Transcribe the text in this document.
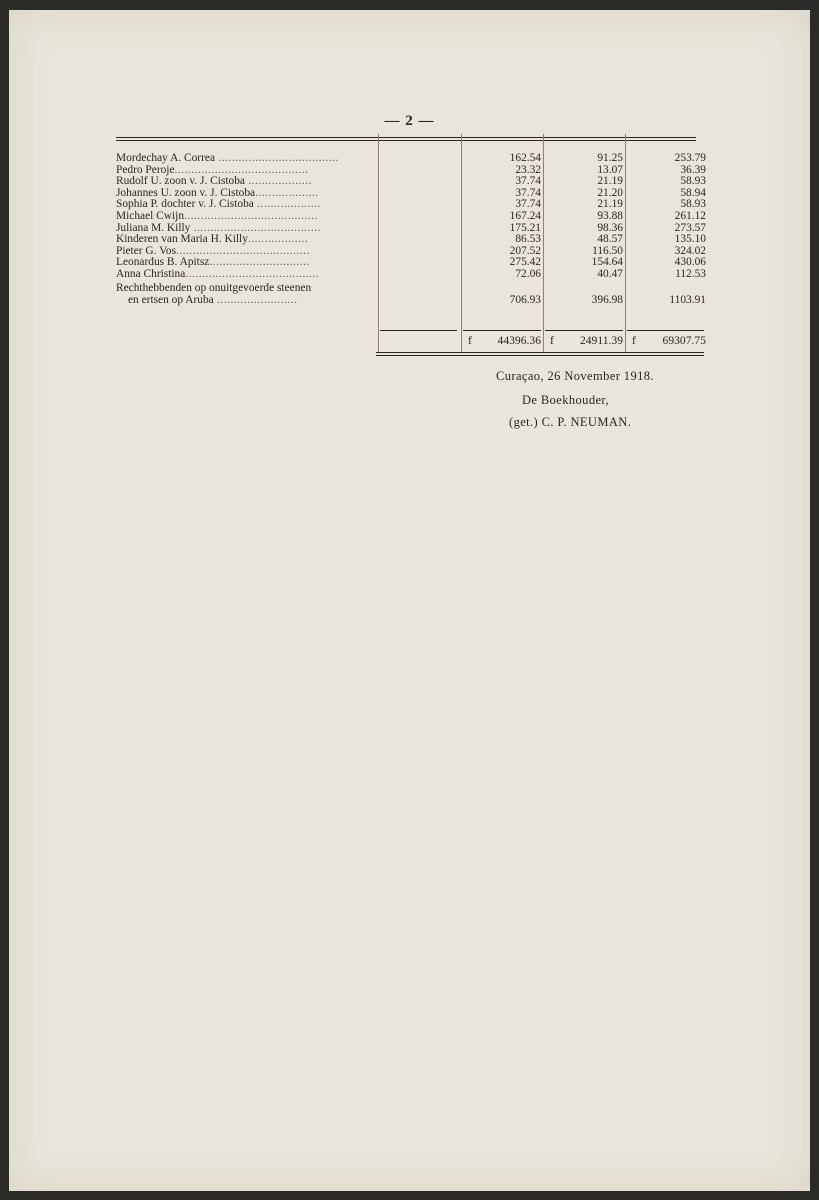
— 2 —
Mordechay A. Correa ....................................	162.54	91.25	253.79
Pedro Peroje........................................	23.32	13.07	36.39
Rudolf U. zoon v. J. Cistoba ...................	37.74	21.19	58.93
Johannes U. zoon v. J. Cistoba...................	37.74	21.20	58.94
Sophia P. dochter v. J. Cistoba ...................	37.74	21.19	58.93
Michael Cwijn........................................	167.24	93.88	261.12
Juliana M. Killy ......................................	175.21	98.36	273.57
Kinderen van Maria H. Killy..................	86.53	48.57	135.10
Pieter G. Vos........................................	207.52	116.50	324.02
Leonardus B. Apitsz..............................	275.42	154.64	430.06
Anna Christina........................................	72.06	40.47	112.53
Rechthebbenden op onuitgevoerde steenen
en ertsen op Aruba ........................	706.93	396.98	1103.91
f	44396.36 f	24911.39 f	69307.75
Curaçao, 26 November 1918.
De Boekhouder,
(get.) C. P. NEUMAN.
